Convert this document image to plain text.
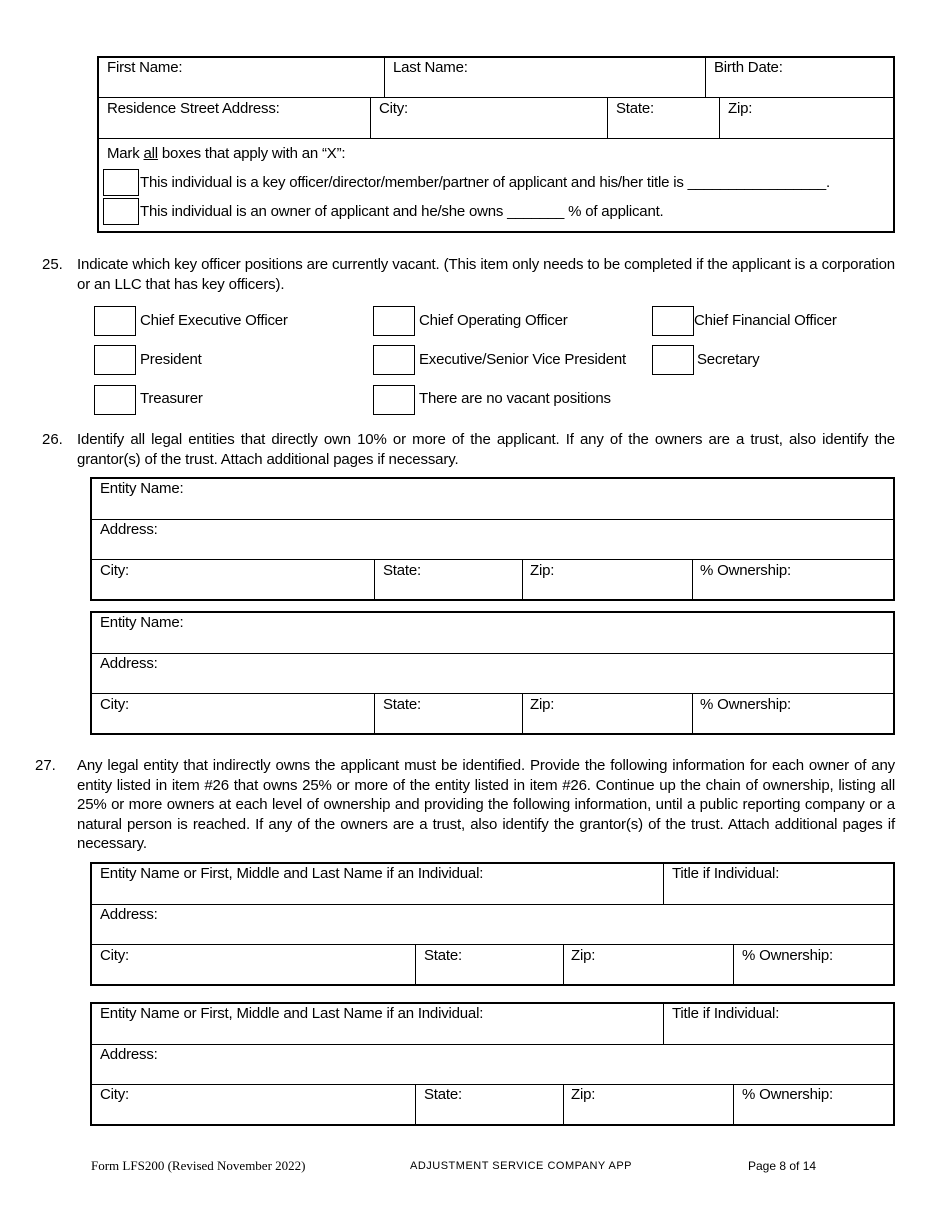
First Name:	Last Name:	Birth Date:
Residence Street Address:	City:	State:	Zip:
Mark all boxes that apply with an “X”:
This individual is a key officer/director/member/partner of applicant and his/her title is _________________.
This individual is an owner of applicant and he/she owns _______ % of applicant.
25. Indicate which key officer positions are currently vacant. (This item only needs to be completed if the applicant is a corporation or an LLC that has key officers).
Chief Executive Officer	Chief Operating Officer	Chief Financial Officer
President	Executive/Senior Vice President	Secretary
Treasurer	There are no vacant positions
26. Identify all legal entities that directly own 10% or more of the applicant. If any of the owners are a trust, also identify the grantor(s) of the trust. Attach additional pages if necessary.
Entity Name:
Address:
City:	State:	Zip:	% Ownership:
Entity Name:
Address:
City:	State:	Zip:	% Ownership:
27. Any legal entity that indirectly owns the applicant must be identified. Provide the following information for each owner of any entity listed in item #26 that owns 25% or more of the entity listed in item #26. Continue up the chain of ownership, listing all 25% or more owners at each level of ownership and providing the following information, until a public reporting company or a natural person is reached. If any of the owners are a trust, also identify the grantor(s) of the trust. Attach additional pages if necessary.
Entity Name or First, Middle and Last Name if an Individual:	Title if Individual:
Address:
City:	State:	Zip:	% Ownership:
Entity Name or First, Middle and Last Name if an Individual:	Title if Individual:
Address:
City:	State:	Zip:	% Ownership:
Form LFS200 (Revised November 2022)	ADJUSTMENT SERVICE COMPANY APP	Page 8 of 14
